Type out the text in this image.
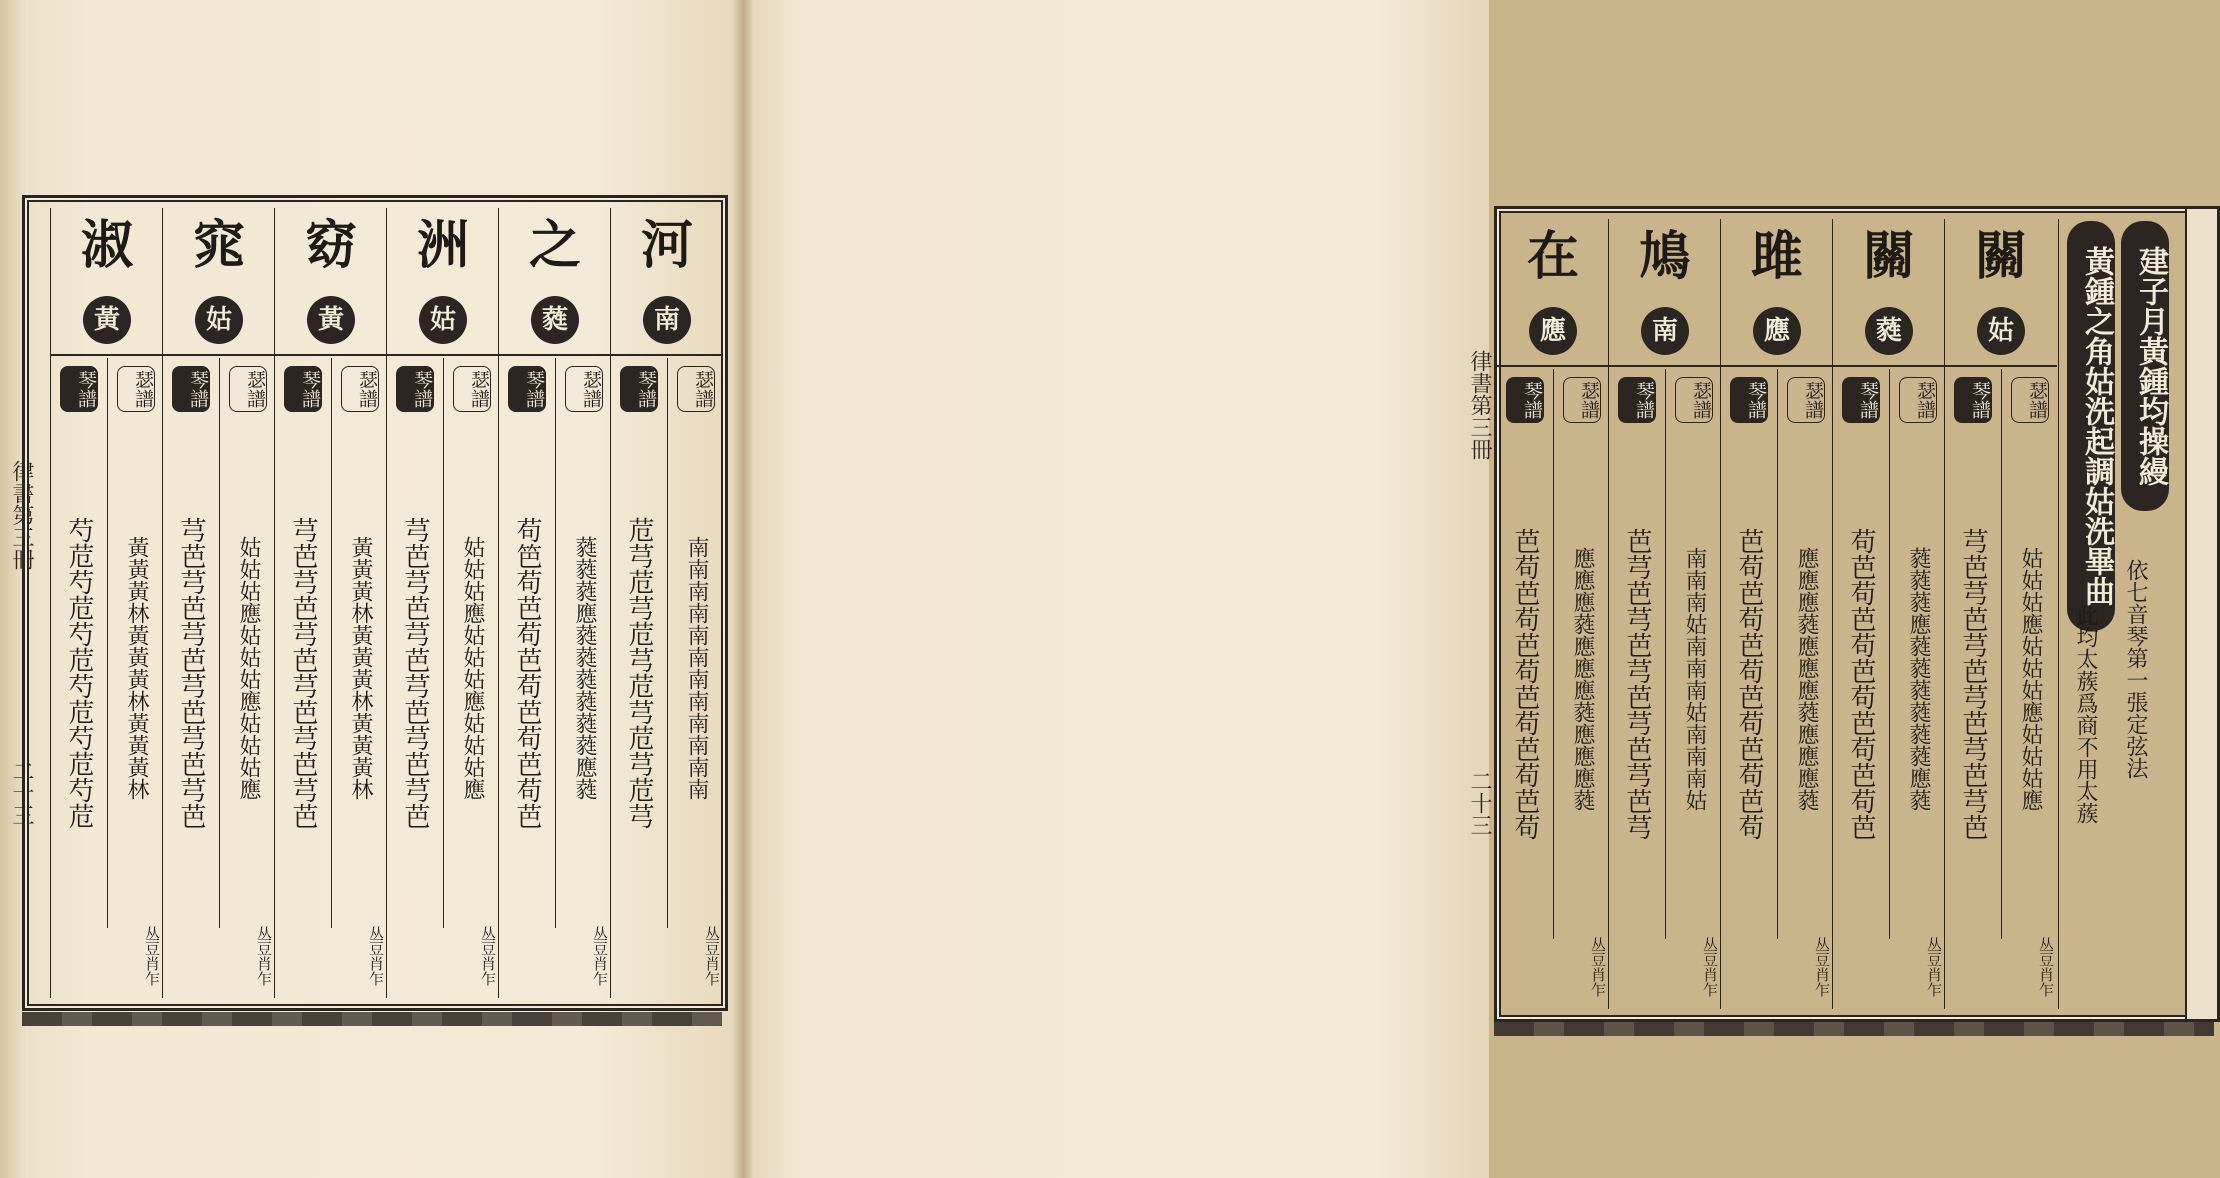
律書第三冊
二十三
河
南
琴譜
苊芎苊芎苊芎苊芎苊芎苊芎
瑟譜
南南南南南南南南南南南南
丛豆肖乍
之
蕤
琴譜
苟笆苟芭苟芭苟芭苟芭苟芭
瑟譜
蕤蕤蕤應蕤蕤蕤蕤蕤蕤應蕤
丛豆肖乍
洲
姑
琴譜
芎芭芎芭芎芭芎芭芎芭芎芭
瑟譜
姑姑姑應姑姑姑應姑姑姑應
丛豆肖乍
窈
黃
琴譜
芎芭芎芭芎芭芎芭芎芭芎芭
瑟譜
黃黃黃林黃黃黃林黃黃黃林
丛豆肖乍
窕
姑
琴譜
芎芭芎芭芎芭芎芭芎芭芎芭
瑟譜
姑姑姑應姑姑姑應姑姑姑應
丛豆肖乍
淑
黃
琴譜
芍苊芍苊芍苊芍苊芍苊芍苊
瑟譜
黃黃黃林黃黃黃林黃黃黃林
丛豆肖乍
關
姑
琴譜
芎芭芎芭芎芭芎芭芎芭芎芭
瑟譜
姑姑姑應姑姑姑應姑姑姑應
丛豆肖乍
關
蕤
琴譜
苟芭苟芭苟芭苟芭苟芭苟芭
瑟譜
蕤蕤蕤應蕤蕤蕤蕤蕤蕤應蕤
丛豆肖乍
雎
應
琴譜
芭苟芭苟芭苟芭苟芭苟芭苟
瑟譜
應應應蕤應應應蕤應應應蕤
丛豆肖乍
鳩
南
琴譜
芭芎芭芎芭芎芭芎芭芎芭芎
瑟譜
南南南姑南南南姑南南南姑
丛豆肖乍
在
應
琴譜
芭苟芭苟芭苟芭苟芭苟芭苟
瑟譜
應應應蕤應應應蕤應應應蕤
丛豆肖乍
建子月黃鍾均操縵
黃鍾之角姑洗起調姑洗畢曲
依七音琴第一張定弦法
此均太蔟爲商不用太蔟
律書第三冊
二十三
